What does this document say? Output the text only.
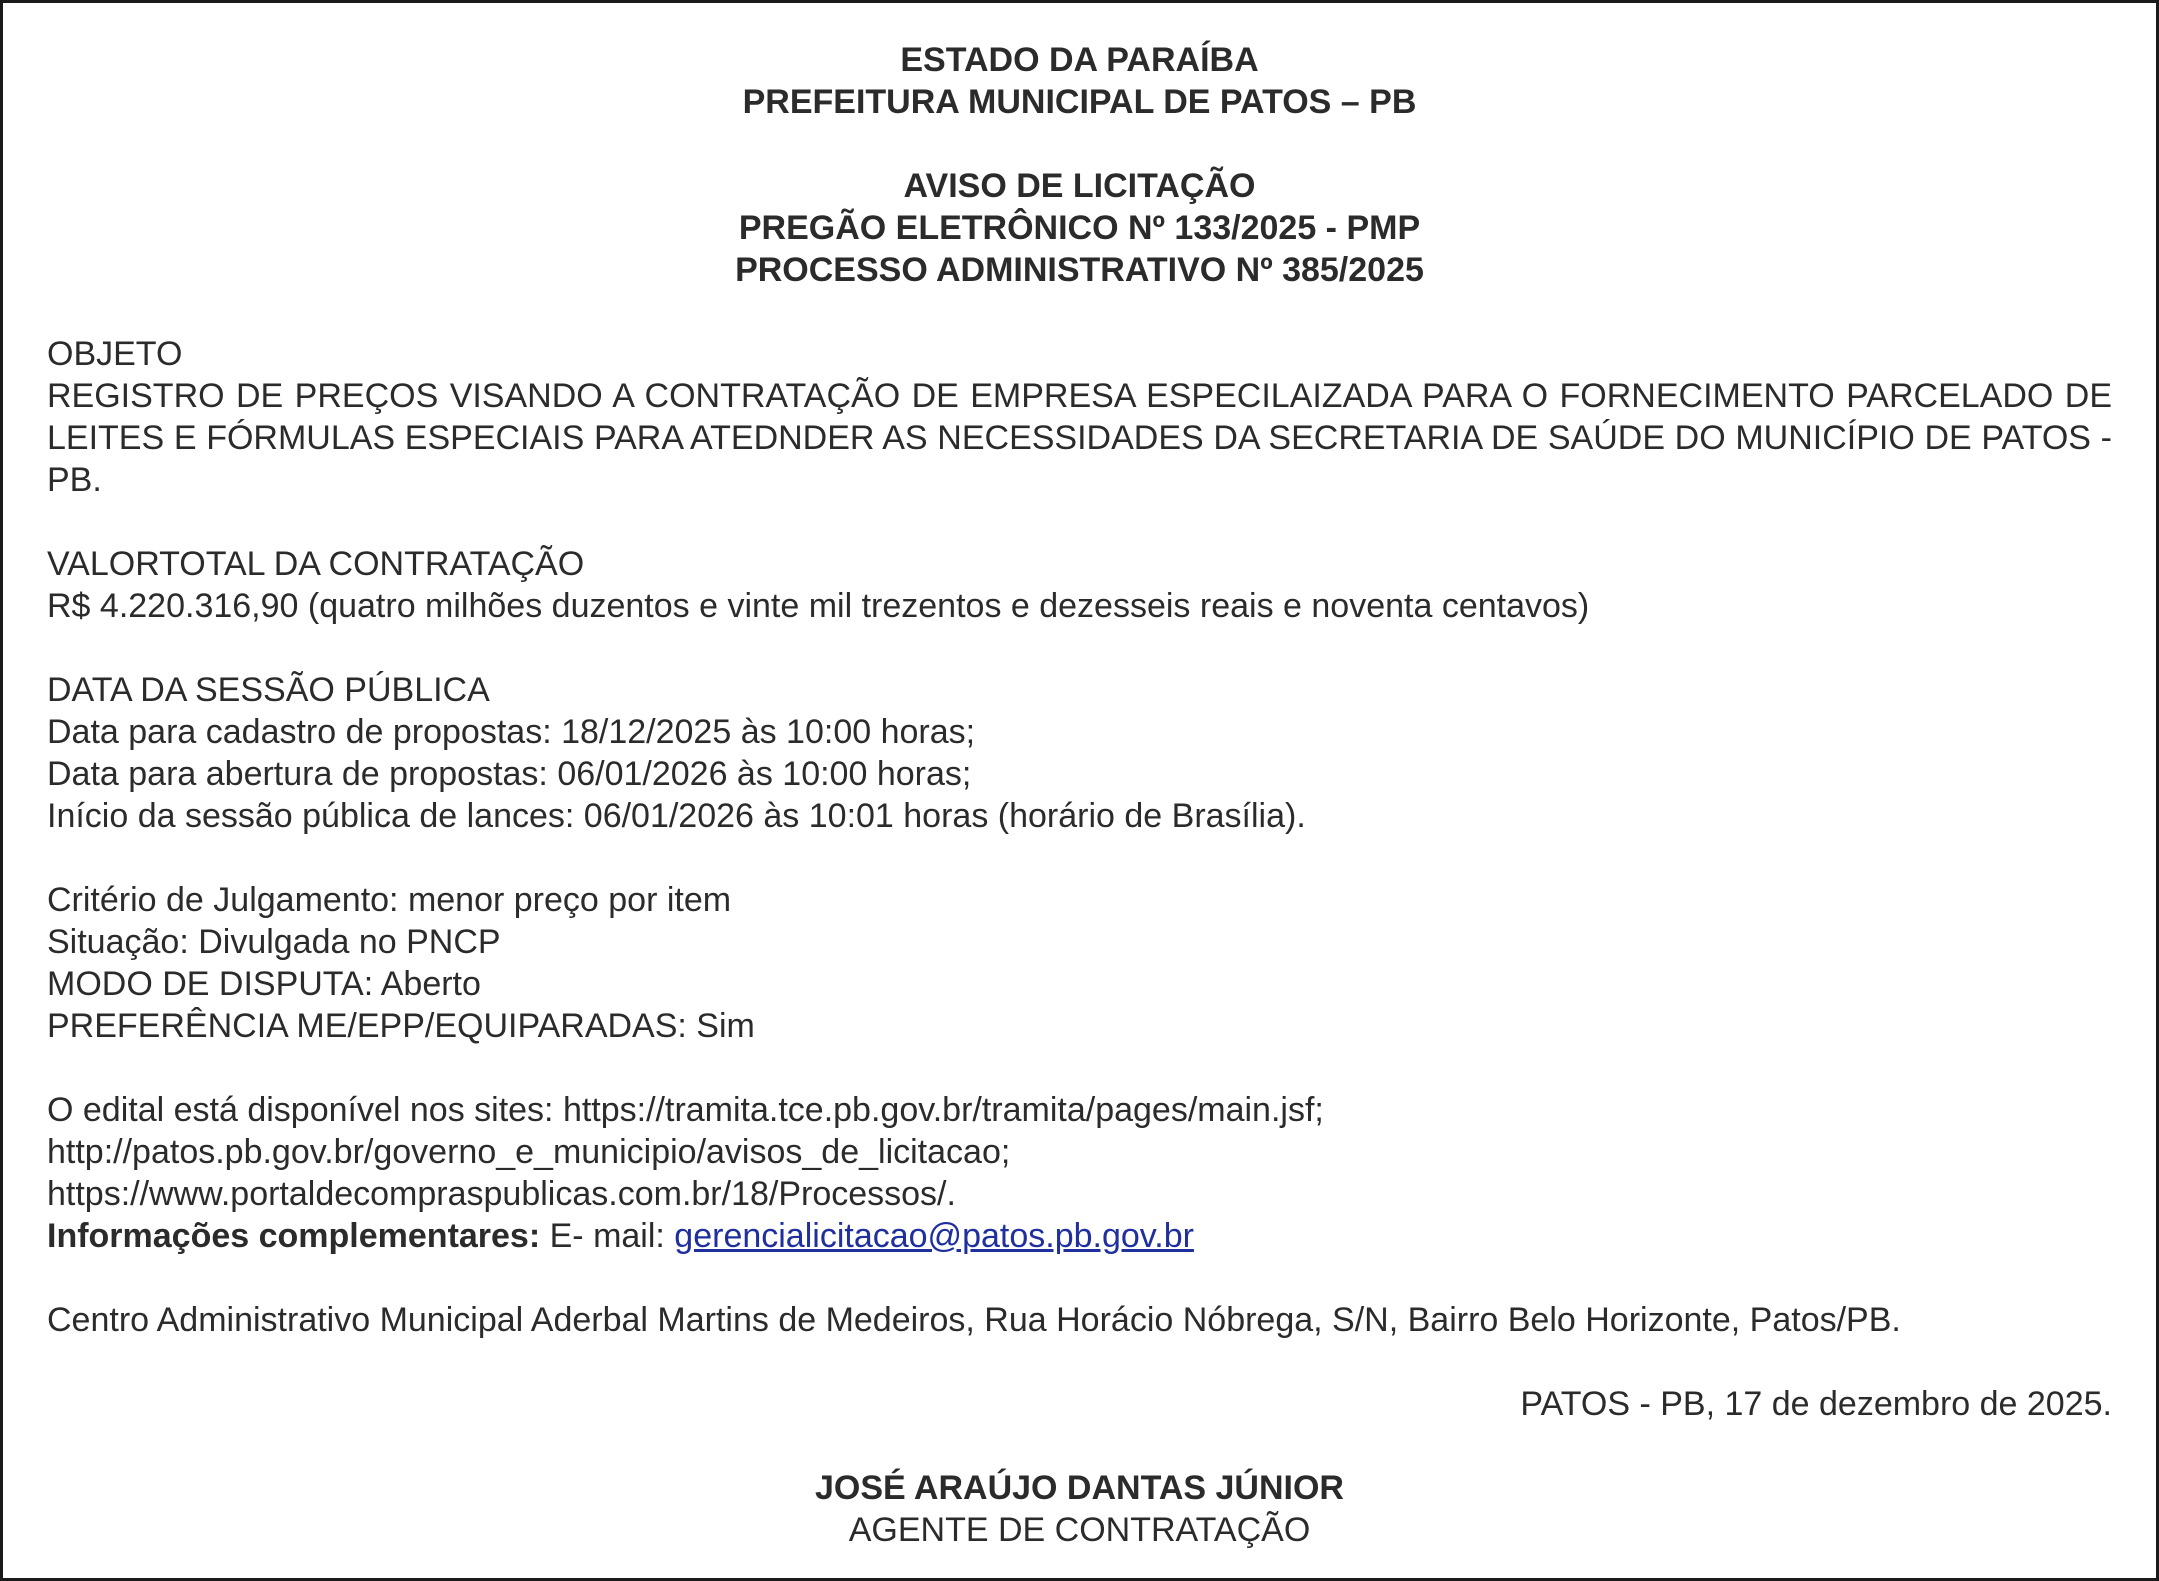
ESTADO DA PARAÍBA
PREFEITURA MUNICIPAL DE PATOS – PB
AVISO DE LICITAÇÃO
PREGÃO ELETRÔNICO Nº 133/2025 - PMP
PROCESSO ADMINISTRATIVO Nº 385/2025
OBJETO
REGISTRO DE PREÇOS VISANDO A CONTRATAÇÃO DE EMPRESA ESPECILAIZADA PARA O FORNECIMENTO PARCELADO DE LEITES E FÓRMULAS ESPECIAIS PARA ATEDNDER AS NECESSIDADES DA SECRETARIA DE SAÚDE DO MUNICÍPIO DE PATOS - PB.
VALORTOTAL DA CONTRATAÇÃO
R$ 4.220.316,90 (quatro milhões duzentos e vinte mil trezentos e dezesseis reais e noventa centavos)
DATA DA SESSÃO PÚBLICA
Data para cadastro de propostas: 18/12/2025 às 10:00 horas;
Data para abertura de propostas: 06/01/2026 às 10:00 horas;
Início da sessão pública de lances: 06/01/2026 às 10:01 horas (horário de Brasília).
Critério de Julgamento: menor preço por item
Situação: Divulgada no PNCP
MODO DE DISPUTA: Aberto
PREFERÊNCIA ME/EPP/EQUIPARADAS: Sim
O edital está disponível nos sites: https://tramita.tce.pb.gov.br/tramita/pages/main.jsf;
http://patos.pb.gov.br/governo_e_municipio/avisos_de_licitacao;
https://www.portaldecompraspublicas.com.br/18/Processos/.
Informações complementares: E- mail: gerencialicitacao@patos.pb.gov.br
Centro Administrativo Municipal Aderbal Martins de Medeiros, Rua Horácio Nóbrega, S/N, Bairro Belo Horizonte, Patos/PB.
PATOS - PB, 17 de dezembro de 2025.
JOSÉ ARAÚJO DANTAS JÚNIOR
AGENTE DE CONTRATAÇÃO
